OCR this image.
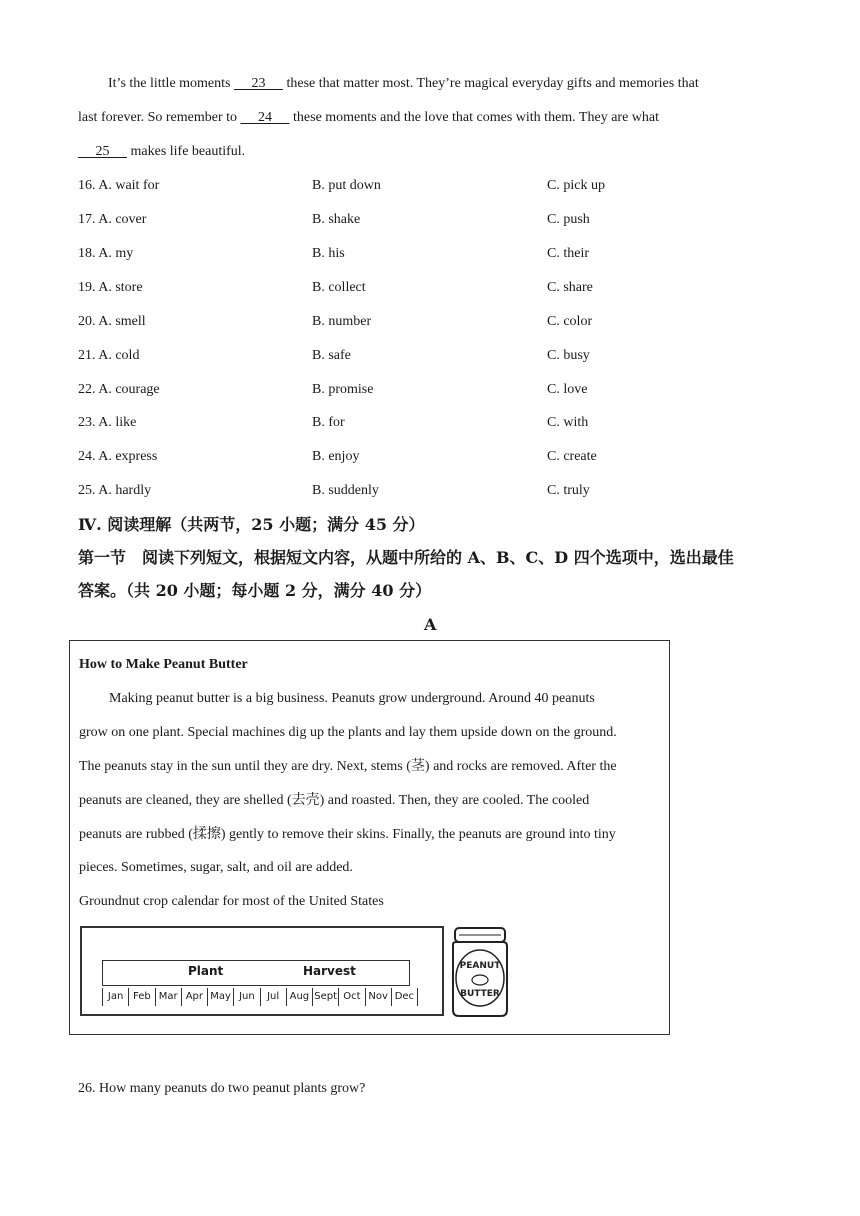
It’s the little moments 23 these that matter most. They’re magical everyday gifts and memories that
last forever. So remember to 24 these moments and the love that comes with them. They are what
25 makes life beautiful.
16. A. wait for	B. put down	C. pick up
17. A. cover	B. shake	C. push
18. A. my	B. his	C. their
19. A. store	B. collect	C. share
20. A. smell	B. number	C. color
21. A. cold	B. safe	C. busy
22. A. courage	B. promise	C. love
23. A. like	B. for	C. with
24. A. express	B. enjoy	C. create
25. A. hardly	B. suddenly	C. truly
Ⅳ. 阅读理解（共两节，25 小题；满分 45 分）
第一节　阅读下列短文，根据短文内容，从题中所给的 A、B、C、D 四个选项中，选出最佳
答案。（共 20 小题；每小题 2 分，满分 40 分）
A
How to Make Peanut Butter
Making peanut butter is a big business. Peanuts grow underground. Around 40 peanuts
grow on one plant. Special machines dig up the plants and lay them upside down on the ground.
The peanuts stay in the sun until they are dry. Next, stems (茎) and rocks are removed. After the
peanuts are cleaned, they are shelled (去壳) and roasted. Then, they are cooled. The cooled
peanuts are rubbed (揉擦) gently to remove their skins. Finally, the peanuts are ground into tiny
pieces. Sometimes, sugar, salt, and oil are added.
Groundnut crop calendar for most of the United States
Plant	Harvest
Jan Feb Mar Apr May Jun	Jul	Aug Sept Oct Nov Dec
PEANUT
BUTTER
26. How many peanuts do two peanut plants grow?
